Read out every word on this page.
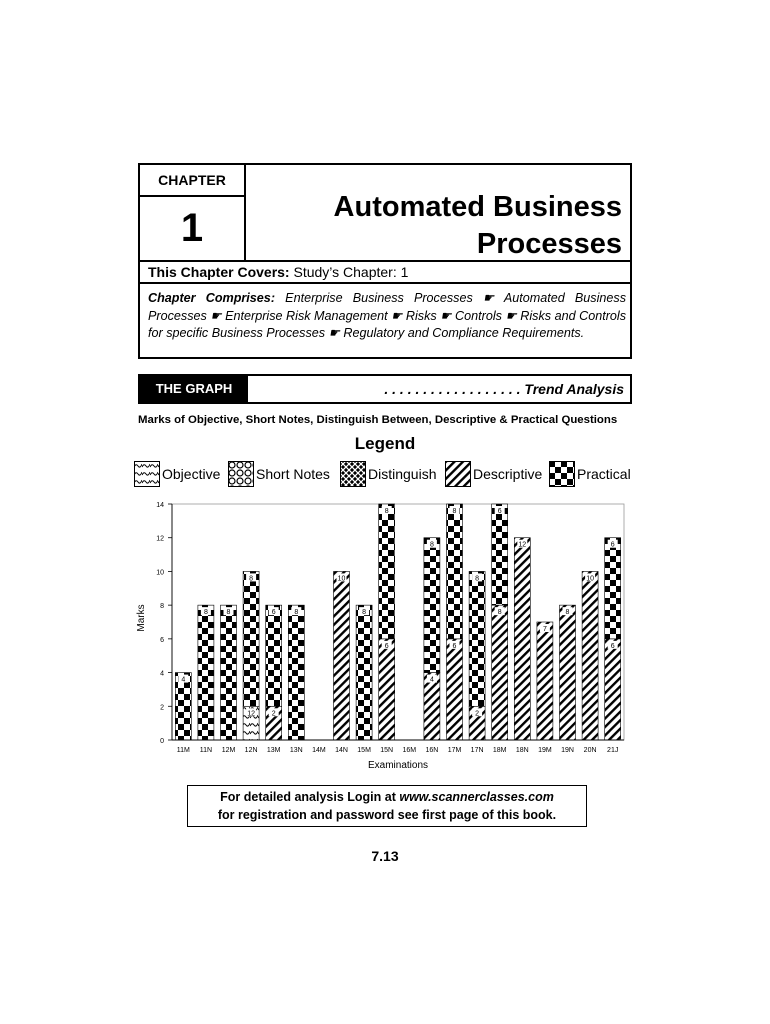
CHAPTER
1	Automated Business
Processes
This Chapter Covers: Study’s Chapter: 1
Chapter Comprises: Enterprise Business Processes ☛ Automated Business Processes ☛ Enterprise Risk Management ☛ Risks ☛ Controls ☛ Risks and Controls for specific Business Processes ☛ Regulatory and Compliance Requirements.
THE GRAPH	. . . . . . . . . . . . . . . . . . Trend Analysis
Marks of Objective, Short Notes, Distinguish Between, Descriptive & Practical Questions
Legend
Objective	Short Notes	Distinguish	Descriptive Practical
Marks
Examinations
0
2
4
6
8
10
12
14
4
11M
8
11N
8
12M
12
8
12N
2
6
13M
8
13N 14M
10
14N
8
15M
6
8
15N 16M
4
8
16N
6
8
17M
2
8
17N
8
6
18M
12
18N
7
19M
8
19N
10
20N
6
6
21J
For detailed analysis Login at www.scannerclasses.com
for registration and password see first page of this book.
7.13
